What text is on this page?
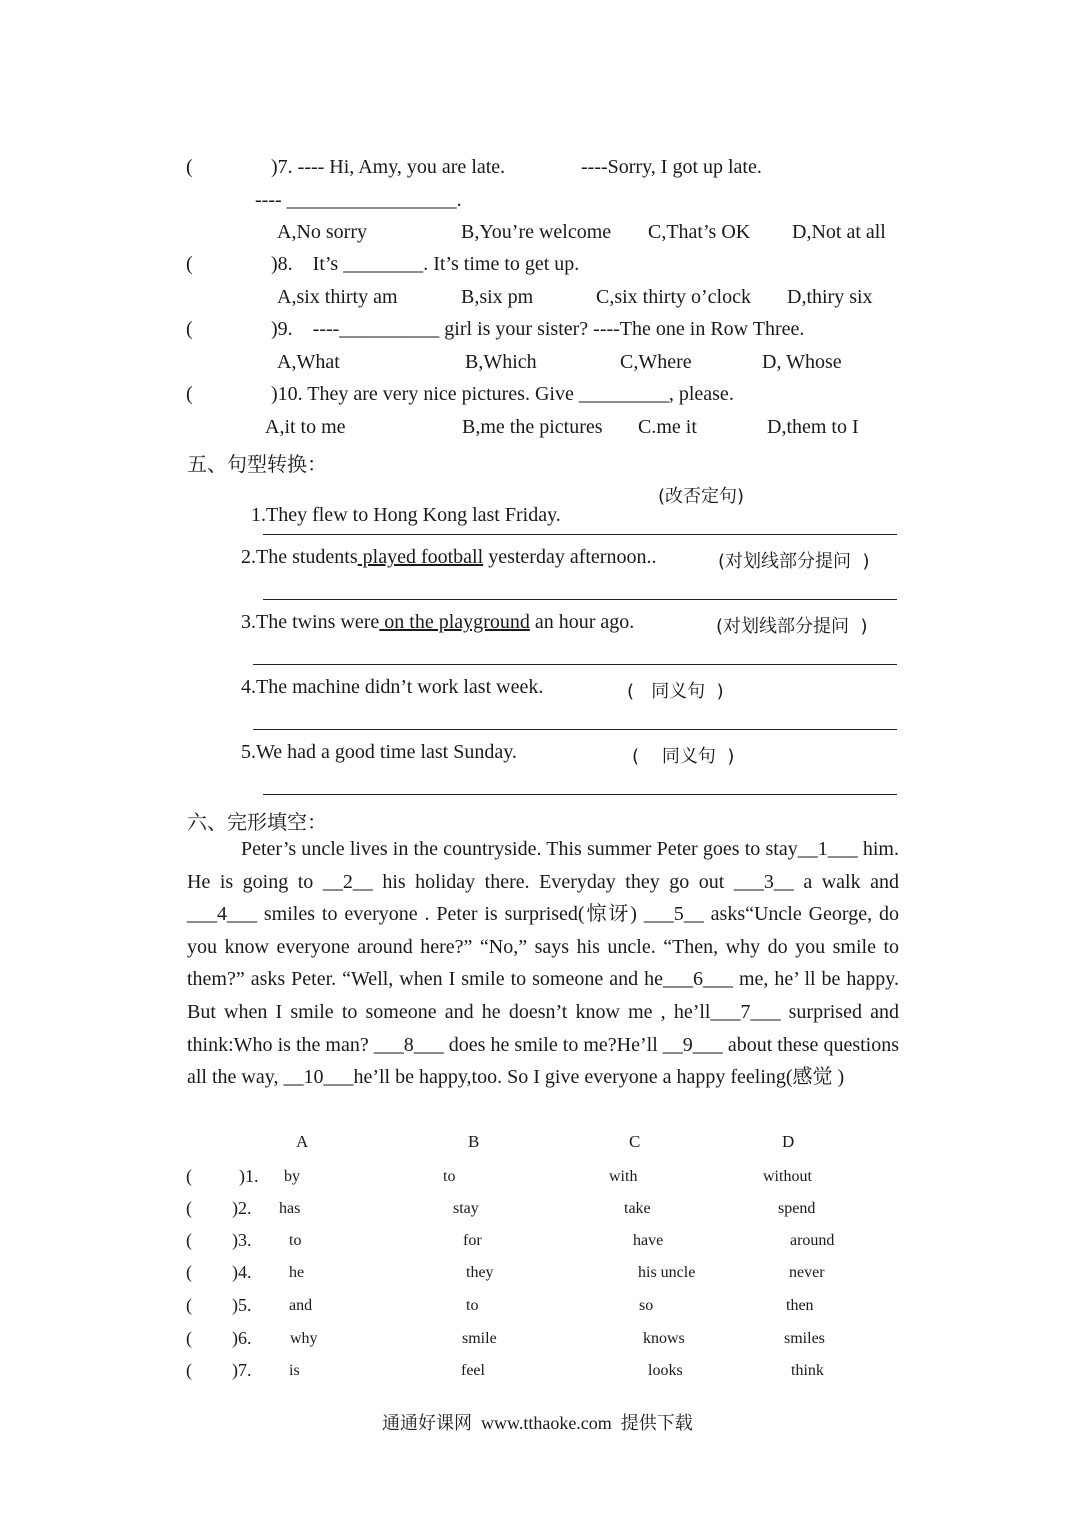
(	)7. ---- Hi, Amy, you are late.	----Sorry, I got up late.
---- _________________.
A,No sorry	B,You’re welcome C,That’s OK D,Not at all
(	)8.    It’s ________. It’s time to get up.
A,six thirty am	B,six pm	C,six thirty o’clock D,thiry six
(	)9.    ----__________ girl is your sister? ----The one in Row Three.
A,What	B,Which	C,Where	D, Whose
(	)10. They are very nice pictures. Give _________, please.
A,it to me	B,me the pictures C.me it	D,them to I
五、句型转换：

1.They flew to Hong Kong last Friday.

(改否定句)
2.The students played football yesterday afternoon..	(对划线部分提问  )
3.The twins were on the playground an hour ago.	(对划线部分提问  )
4.The machine didn’t work last week.	(   同义句  )
5.We had a good time last Sunday.	(    同义句  )
六、完形填空：

Peter’s uncle lives in the countryside. This summer Peter goes to stay__1___ him. He is going to __2__ his holiday there. Everyday they go out ___3__ a walk and ___4___ smiles to everyone . Peter is surprised(惊讶) ___5__ asks“Uncle George, do you know everyone around here?” “No,” says his uncle. “Then, why do you smile to them?” asks Peter. “Well, when I smile to someone and he___6___ me, he’ ll be happy. But when I smile to someone and he doesn’t know me , he’ll___7___ surprised and think:Who is the man? ___8___ does he smile to me?He’ll __9___ about these questions all the way, __10___he’ll be happy,too. So I give everyone a happy feeling(感觉 )

A	B	C	D
(	)1. by	to	with	without
( )2. has	stay	take	spend
( )3. to	for	have	around
( )4. he	they	his uncle	never
( )5. and	to	so	then
( )6. why	smile	knows	smiles
( )7. is	feel	looks	think
通通好课网  www.tthaoke.com  提供下载
